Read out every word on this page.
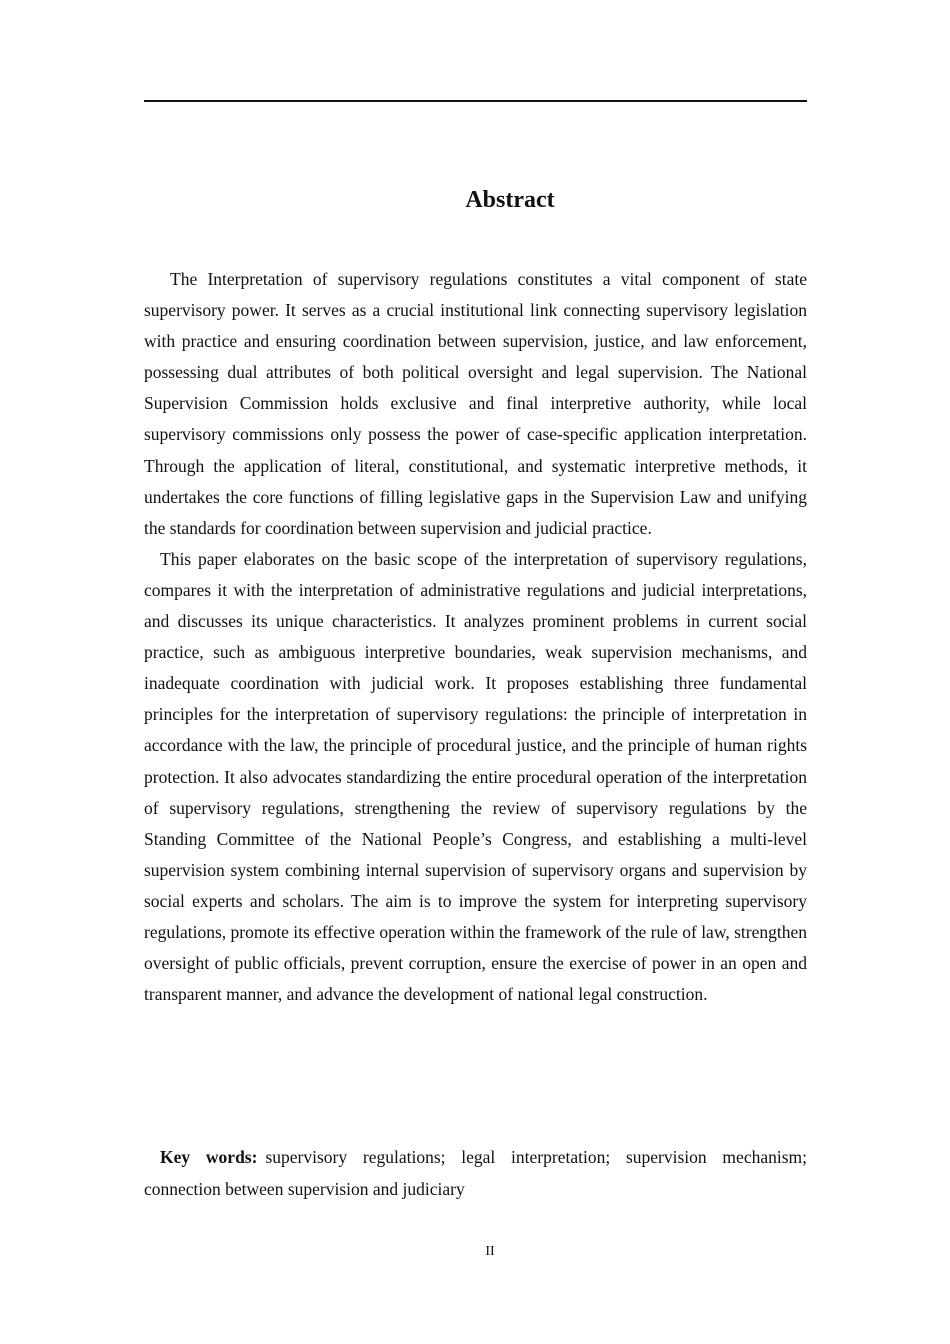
Abstract

The Interpretation of supervisory regulations constitutes a vital component of state supervisory power. It serves as a crucial institutional link connecting supervisory legislation with practice and ensuring coordination between supervision, justice, and law enforcement, possessing dual attributes of both political oversight and legal supervision. The National Supervision Commission holds exclusive and final interpretive authority, while local supervisory commissions only possess the power of case-specific application interpretation. Through the application of literal, constitutional, and systematic interpretive methods, it undertakes the core functions of filling legislative gaps in the Supervision Law and unifying the standards for coordination between supervision and judicial practice.

This paper elaborates on the basic scope of the interpretation of supervisory regulations, compares it with the interpretation of administrative regulations and judicial interpretations, and discusses its unique characteristics. It analyzes prominent problems in current social practice, such as ambiguous interpretive boundaries, weak supervision mechanisms, and inadequate coordination with judicial work. It proposes establishing three fundamental principles for the interpretation of supervisory regulations: the principle of interpretation in accordance with the law, the principle of procedural justice, and the principle of human rights protection. It also advocates standardizing the entire procedural operation of the interpretation of supervisory regulations, strengthening the review of supervisory regulations by the Standing Committee of the National People’s Congress, and establishing a multi-level supervision system combining internal supervision of supervisory organs and supervision by social experts and scholars. The aim is to improve the system for interpreting supervisory regulations, promote its effective operation within the framework of the rule of law, strengthen oversight of public officials, prevent corruption, ensure the exercise of power in an open and transparent manner, and advance the development of national legal construction.

Key words: supervisory regulations; legal interpretation; supervision mechanism; connection between supervision and judiciary
II
